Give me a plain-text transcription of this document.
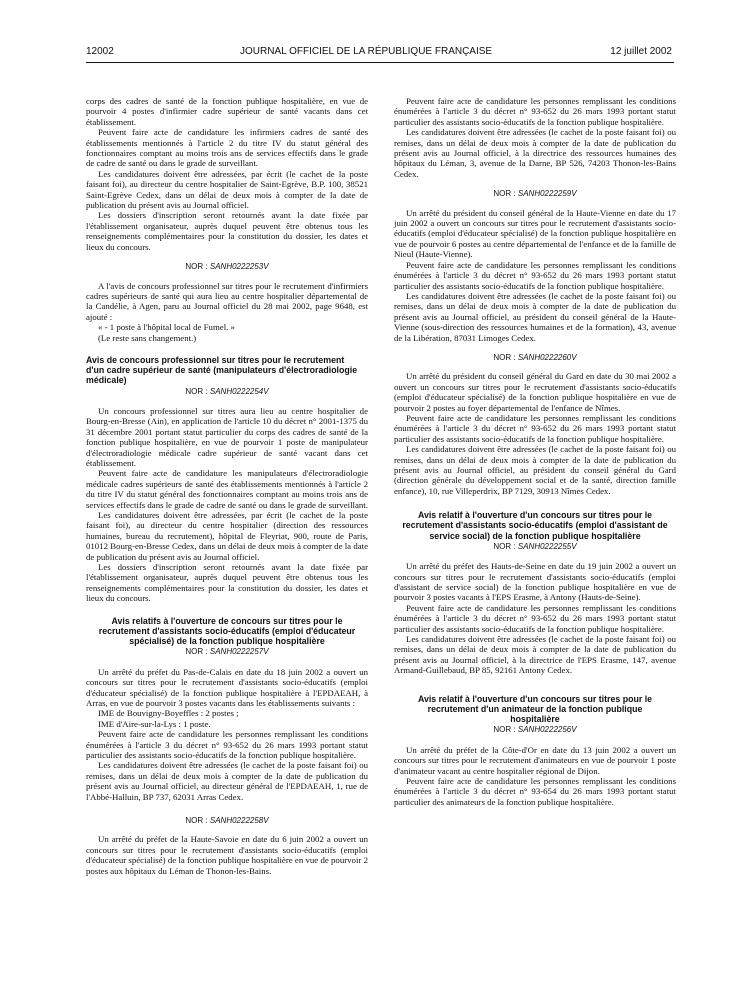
12002	JOURNAL OFFICIEL DE LA RÉPUBLIQUE FRANÇAISE	12 juillet 2002

corps des cadres de santé de la fonction publique hospitalière, en vue de pourvoir 4 postes d'infirmier cadre supérieur de santé vacants dans cet établissement.

Peuvent faire acte de candidature les infirmiers cadres de santé des établissements mentionnés à l'article 2 du titre IV du statut général des fonctionnaires comptant au moins trois ans de services effectifs dans le grade de cadre de santé ou dans le grade de surveillant.

Les candidatures doivent être adressées, par écrit (le cachet de la poste faisant foi), au directeur du centre hospitalier de Saint-Egrève, B.P. 100, 38521 Saint-Egrève Cedex, dans un délai de deux mois à compter de la date de publication du présent avis au Journal officiel.

Les dossiers d'inscription seront retournés avant la date fixée par l'établissement organisateur, auprès duquel peuvent être obtenus tous les renseignements complémentaires pour la constitution du dossier, les dates et lieux du concours.

NOR : SANH0222253V

A l'avis de concours professionnel sur titres pour le recrutement d'infirmiers cadres supérieurs de santé qui aura lieu au centre hospitalier départemental de la Candélie, à Agen, paru au Journal officiel du 28 mai 2002, page 9648, est ajouté :

« - 1 poste à l'hôpital local de Fumel. »

(Le reste sans changement.)

Avis de concours professionnel sur titres pour le recrutement d'un cadre supérieur de santé (manipulateurs d'électroradiologie médicale)
NOR : SANH0222254V

Un concours professionnel sur titres aura lieu au centre hospitalier de Bourg-en-Bresse (Ain), en application de l'article 10 du décret n° 2001-1375 du 31 décembre 2001 portant statut particulier du corps des cadres de santé de la fonction publique hospitalière, en vue de pourvoir 1 poste de manipulateur d'électroradiologie médicale cadre supérieur de santé vacant dans cet établissement.

Peuvent faire acte de candidature les manipulateurs d'électroradiologie médicale cadres supérieurs de santé des établissements mentionnés à l'article 2 du titre IV du statut général des fonctionnaires comptant au moins trois ans de services effectifs dans le grade de cadre de santé ou dans le grade de surveillant.

Les candidatures doivent être adressées, par écrit (le cachet de la poste faisant foi), au directeur du centre hospitalier (direction des ressources humaines, bureau du recrutement), hôpital de Fleyriat, 900, route de Paris, 01012 Bourg-en-Bresse Cedex, dans un délai de deux mois à compter de la date de publication du présent avis au Journal officiel.

Les dossiers d'inscription seront retournés avant la date fixée par l'établissement organisateur, auprès duquel peuvent être obtenus tous les renseignements complémentaires pour la constitution du dossier, les dates et lieux du concours.

Avis relatifs à l'ouverture de concours sur titres pour le recrutement d'assistants socio-éducatifs (emploi d'éducateur spécialisé) de la fonction publique hospitalière
NOR : SANH0222257V

Un arrêté du préfet du Pas-de-Calais en date du 18 juin 2002 a ouvert un concours sur titres pour le recrutement d'assistants socio-éducatifs (emploi d'éducateur spécialisé) de la fonction publique hospitalière à l'EPDAEAH, à Arras, en vue de pourvoir 3 postes vacants dans les établissements suivants :

IME de Bouvigny-Boyeffles : 2 postes ;

IME d'Aire-sur-la-Lys : 1 poste.

Peuvent faire acte de candidature les personnes remplissant les conditions énumérées à l'article 3 du décret n° 93-652 du 26 mars 1993 portant statut particulier des assistants socio-éducatifs de la fonction publique hospitalière.

Les candidatures doivent être adressées (le cachet de la poste faisant foi) ou remises, dans un délai de deux mois à compter de la date de publication du présent avis au Journal officiel, au directeur général de l'EPDAEAH, 1, rue de l'Abbé-Halluin, BP 737, 62031 Arras Cedex.

NOR : SANH0222258V

Un arrêté du préfet de la Haute-Savoie en date du 6 juin 2002 a ouvert un concours sur titres pour le recrutement d'assistants socio-éducatifs (emploi d'éducateur spécialisé) de la fonction publique hospitalière en vue de pourvoir 2 postes aux hôpitaux du Léman de Thonon-les-Bains.

Peuvent faire acte de candidature les personnes remplissant les conditions énumérées à l'article 3 du décret n° 93-652 du 26 mars 1993 portant statut particulier des assistants socio-éducatifs de la fonction publique hospitalière.

Les candidatures doivent être adressées (le cachet de la poste faisant foi) ou remises, dans un délai de deux mois à compter de la date de publication du présent avis au Journal officiel, à la directrice des ressources humaines des hôpitaux du Léman, 3, avenue de la Darne, BP 526, 74203 Thonon-les-Bains Cedex.

NOR : SANH0222259V

Un arrêté du président du conseil général de la Haute-Vienne en date du 17 juin 2002 a ouvert un concours sur titres pour le recrutement d'assistants socio-éducatifs (emploi d'éducateur spécialisé) de la fonction publique hospitalière en vue de pourvoir 6 postes au centre départemental de l'enfance et de la famille de Nieul (Haute-Vienne).

Peuvent faire acte de candidature les personnes remplissant les conditions énumérées à l'article 3 du décret n° 93-652 du 26 mars 1993 portant statut particulier des assistants socio-éducatifs de la fonction publique hospitalière.

Les candidatures doivent être adressées (le cachet de la poste faisant foi) ou remises, dans un délai de deux mois à compter de la date de publication du présent avis au Journal officiel, au président du conseil général de la Haute-Vienne (sous-direction des ressources humaines et de la formation), 43, avenue de la Libération, 87031 Limoges Cedex.

NOR : SANH0222260V

Un arrêté du président du conseil général du Gard en date du 30 mai 2002 a ouvert un concours sur titres pour le recrutement d'assistants socio-éducatifs (emploi d'éducateur spécialisé) de la fonction publique hospitalière en vue de pourvoir 2 postes au foyer départemental de l'enfance de Nîmes.

Peuvent faire acte de candidature les personnes remplissant les conditions énumérées à l'article 3 du décret n° 93-652 du 26 mars 1993 portant statut particulier des assistants socio-éducatifs de la fonction publique hospitalière.

Les candidatures doivent être adressées (le cachet de la poste faisant foi) ou remises, dans un délai de deux mois à compter de la date de publication du présent avis au Journal officiel, au président du conseil général du Gard (direction générale du développement social et de la santé, direction famille enfance), 10, rue Villeperdrix, BP 7129, 30913 Nîmes Cedex.

Avis relatif à l'ouverture d'un concours sur titres pour le recrutement d'assistants socio-éducatifs (emploi d'assistant de service social) de la fonction publique hospitalière
NOR : SANH0222255V

Un arrêté du préfet des Hauts-de-Seine en date du 19 juin 2002 a ouvert un concours sur titres pour le recrutement d'assistants socio-éducatifs (emploi d'assistant de service social) de la fonction publique hospitalière en vue de pourvoir 3 postes vacants à l'EPS Erasme, à Antony (Hauts-de-Seine).

Peuvent faire acte de candidature les personnes remplissant les conditions énumérées à l'article 3 du décret n° 93-652 du 26 mars 1993 portant statut particulier des assistants socio-éducatifs de la fonction publique hospitalière.

Les candidatures doivent être adressées (le cachet de la poste faisant foi) ou remises, dans un délai de deux mois à compter de la date de publication du présent avis au Journal officiel, à la directrice de l'EPS Erasme, 147, avenue Armand-Guillebaud, BP 85, 92161 Antony Cedex.

Avis relatif à l'ouverture d'un concours sur titres pour le recrutement d'un animateur de la fonction publique hospitalière
NOR : SANH0222256V

Un arrêté du préfet de la Côte-d'Or en date du 13 juin 2002 a ouvert un concours sur titres pour le recrutement d'animateurs en vue de pourvoir 1 poste d'animateur vacant au centre hospitalier régional de Dijon.

Peuvent faire acte de candidature les personnes remplissant les conditions énumérées à l'article 3 du décret n° 93-654 du 26 mars 1993 portant statut particulier des animateurs de la fonction publique hospitalière.
